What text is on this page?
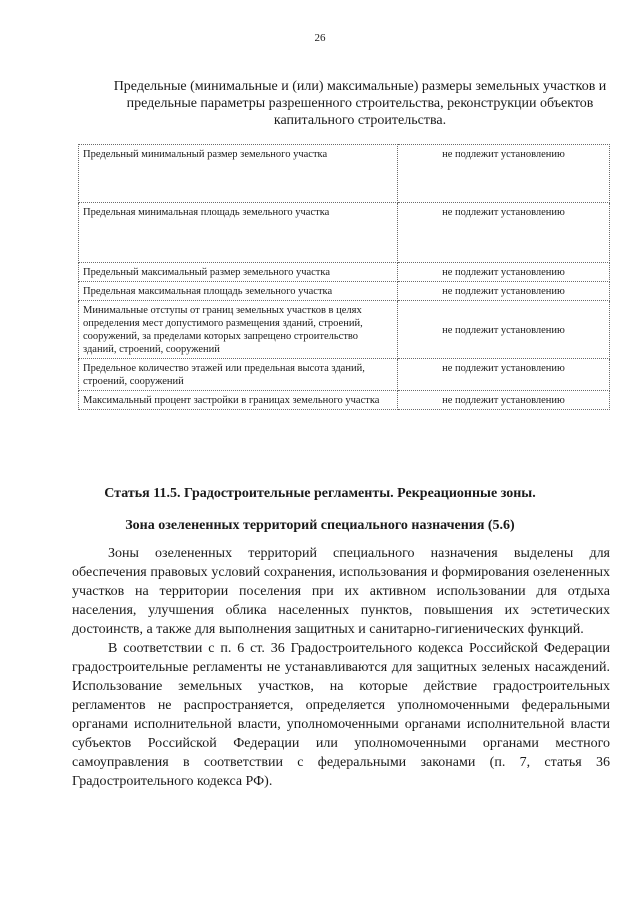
26
Предельные (минимальные и (или) максимальные) размеры земельных участков и предельные параметры разрешенного строительства, реконструкции объектов капитального строительства.
Предельный минимальный размер земельного участка	не подлежит установлению
Предельная минимальная площадь земельного участка	не подлежит установлению
Предельный максимальный размер земельного участка	не подлежит установлению
Предельная максимальная площадь земельного участка	не подлежит установлению
Минимальные отступы от границ земельных участков в целях определения мест допустимого размещения зданий, строений, сооружений, за пределами которых запрещено строительство зданий, строений, сооружений	не подлежит установлению
Предельное количество этажей или предельная высота зданий, строений, сооружений	не подлежит установлению
Максимальный процент застройки в границах земельного участка	не подлежит установлению
Статья 11.5. Градостроительные регламенты. Рекреационные зоны.
Зона озелененных территорий специального назначения (5.6)

Зоны озелененных территорий специального назначения выделены для обеспечения правовых условий сохранения, использования и формирования озелененных участков на территории поселения при их активном использовании для отдыха населения, улучшения облика населенных пунктов, повышения их эстетических достоинств, а также для выполнения защитных и санитарно-гигиенических функций.

В соответствии с п. 6 ст. 36 Градостроительного кодекса Российской Федерации градостроительные регламенты не устанавливаются для защитных зеленых насаждений. Использование земельных участков, на которые действие градостроительных регламентов не распространяется, определяется уполномоченными федеральными органами исполнительной власти, уполномоченными органами исполнительной власти субъектов Российской Федерации или уполномоченными органами местного самоуправления в соответствии с федеральными законами (п. 7, статья 36 Градостроительного кодекса РФ).
